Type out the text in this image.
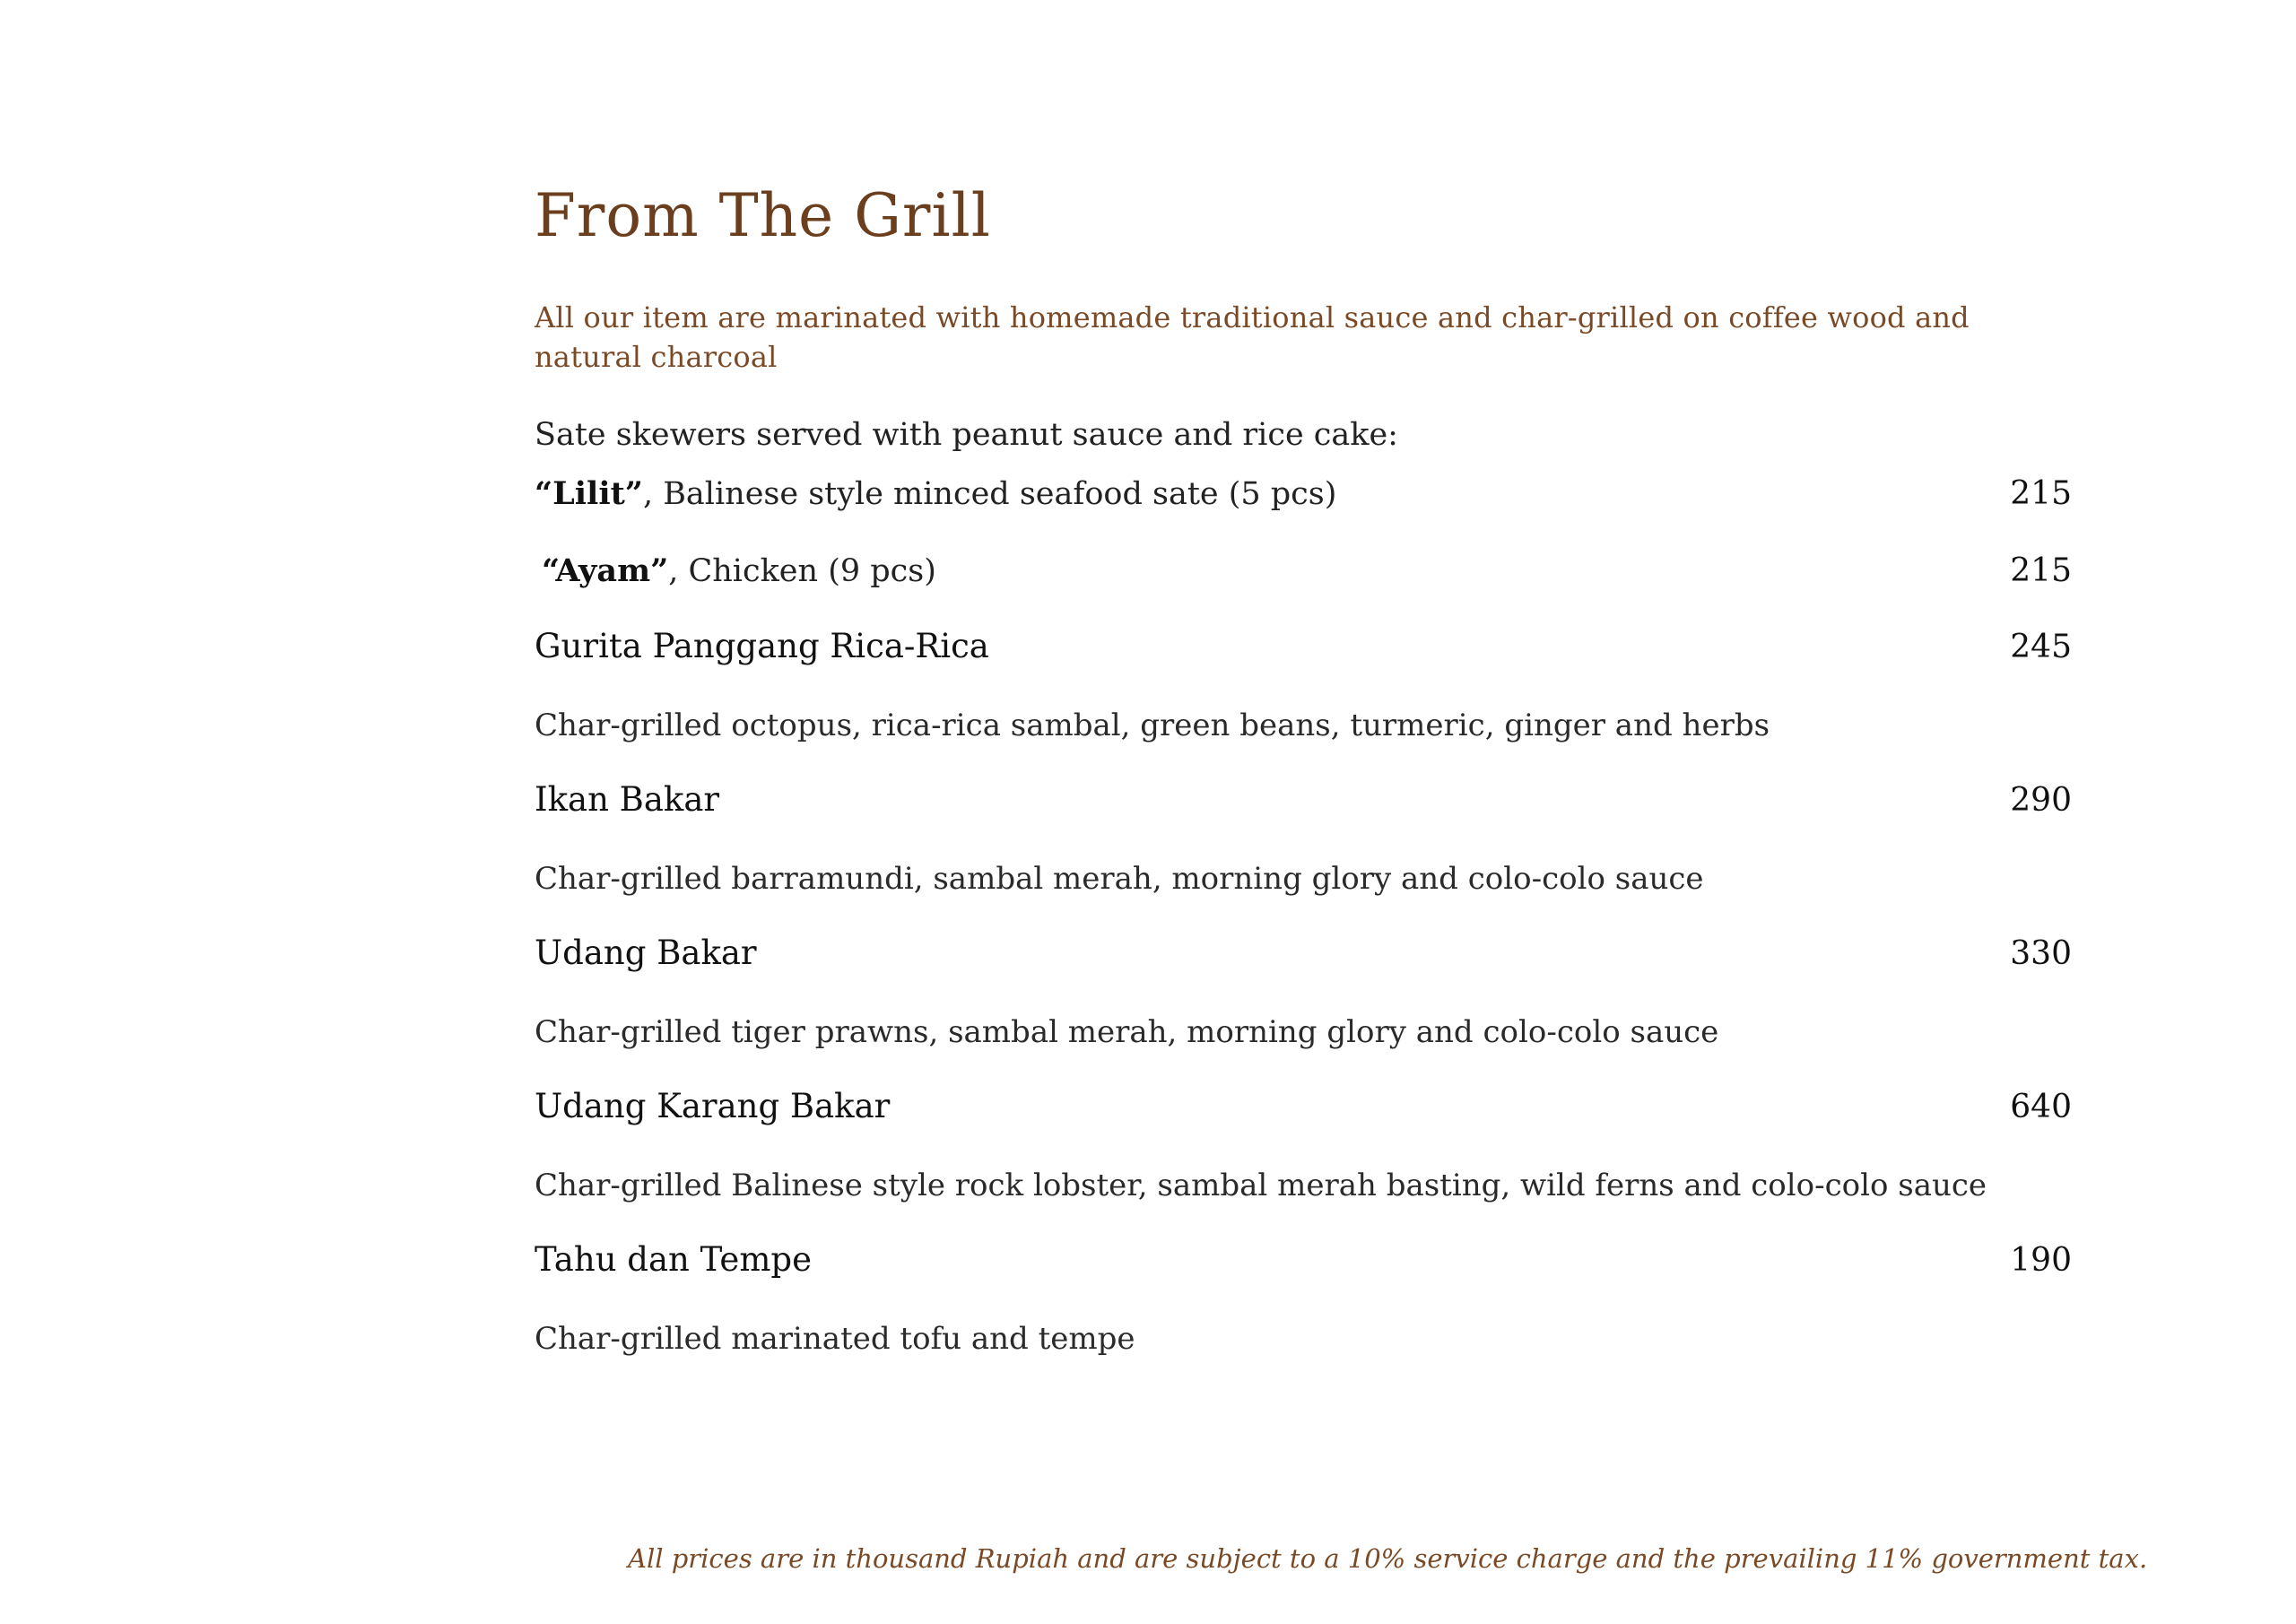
From The Grill
All our item are marinated with homemade traditional sauce and char-grilled on coffee wood and natural charcoal
Sate skewers served with peanut sauce and rice cake:
“Lilit”, Balinese style minced seafood sate (5 pcs)	215
“Ayam”, Chicken (9 pcs)	215
Gurita Panggang Rica-Rica	245
Char-grilled octopus, rica-rica sambal, green beans, turmeric, ginger and herbs
Ikan Bakar	290
Char-grilled barramundi, sambal merah, morning glory and colo-colo sauce
Udang Bakar	330
Char-grilled tiger prawns, sambal merah, morning glory and colo-colo sauce
Udang Karang Bakar	640
Char-grilled Balinese style rock lobster, sambal merah basting, wild ferns and colo-colo sauce
Tahu dan Tempe	190
Char-grilled marinated tofu and tempe
All prices are in thousand Rupiah and are subject to a 10% service charge and the prevailing 11% government tax.
